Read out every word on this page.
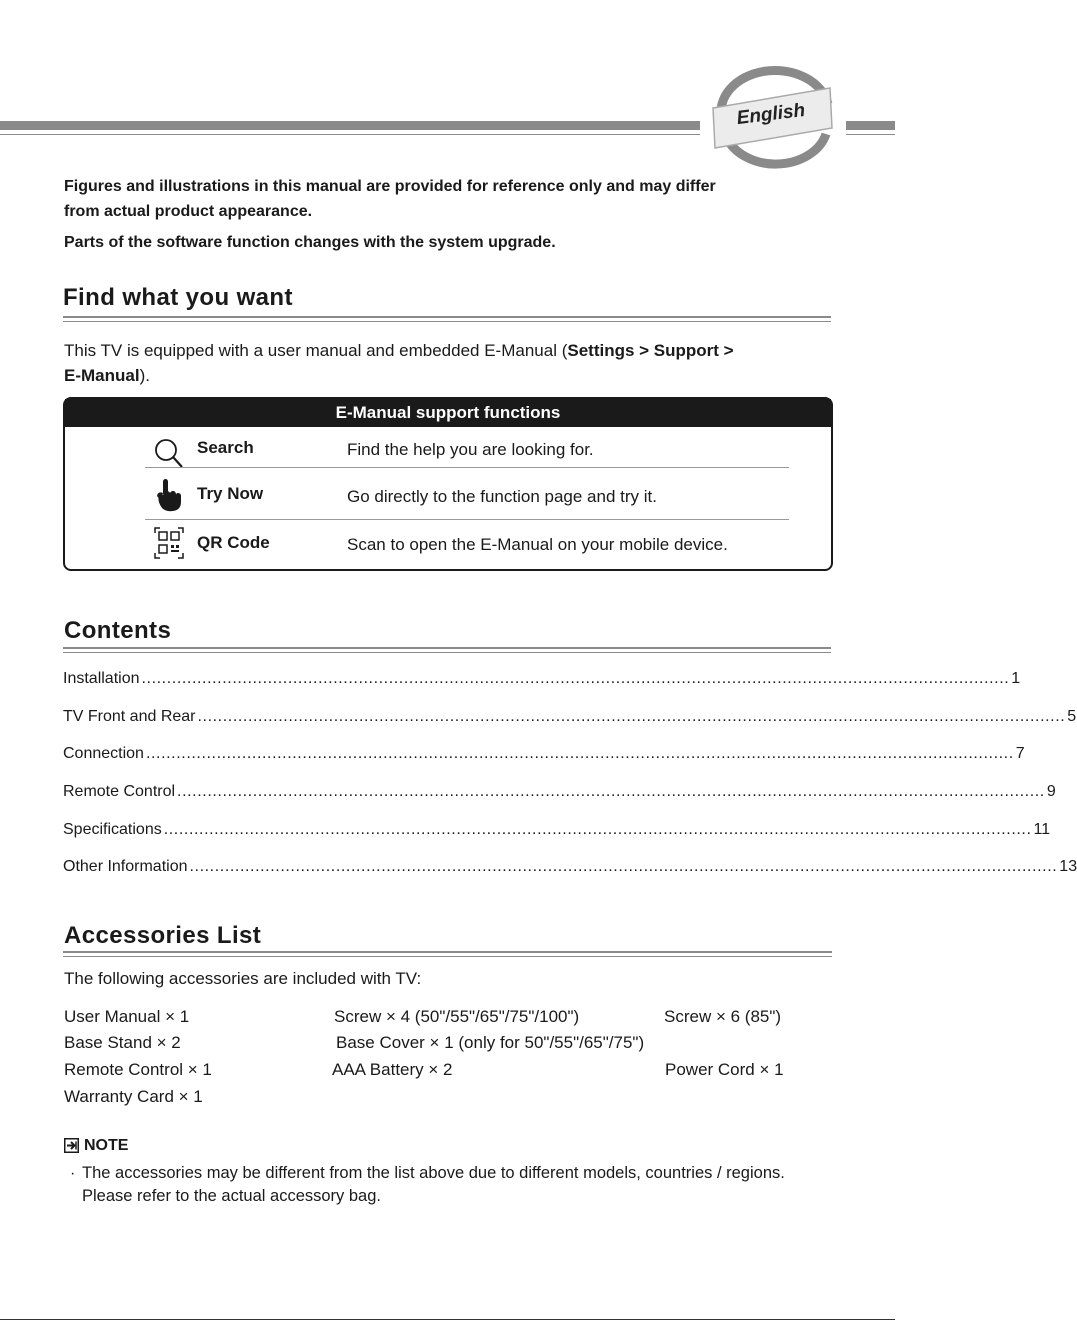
English
Figures and illustrations in this manual are provided for reference only and may differ
from actual product appearance.
Parts of the software function changes with the system upgrade.
Find what you want
This TV is equipped with a user manual and embedded E-Manual (Settings > Support >
E-Manual).
E-Manual support functions
Search	Find the help you are looking for.
Try Now	Go directly to the function page and try it.
QR Code	Scan to open the E-Manual on your mobile device.
Contents
Installation ............................................................................................................................................................................ 1
TV Front and Rear ............................................................................................................................................................................ 5
Connection ............................................................................................................................................................................ 7
Remote Control ............................................................................................................................................................................ 9
Specifications ............................................................................................................................................................................ 11
Other Information ............................................................................................................................................................................ 13
Accessories List
The following accessories are included with TV:
User Manual × 1	Screw × 4 (50"/55"/65"/75"/100")	Screw × 6 (85")
Base Stand × 2	Base Cover × 1 (only for 50"/55"/65"/75")
Remote Control × 1	AAA Battery × 2	Power Cord × 1
Warranty Card × 1
NOTE
· The accessories may be different from the list above due to different models, countries / regions. Please refer to the actual accessory bag.
